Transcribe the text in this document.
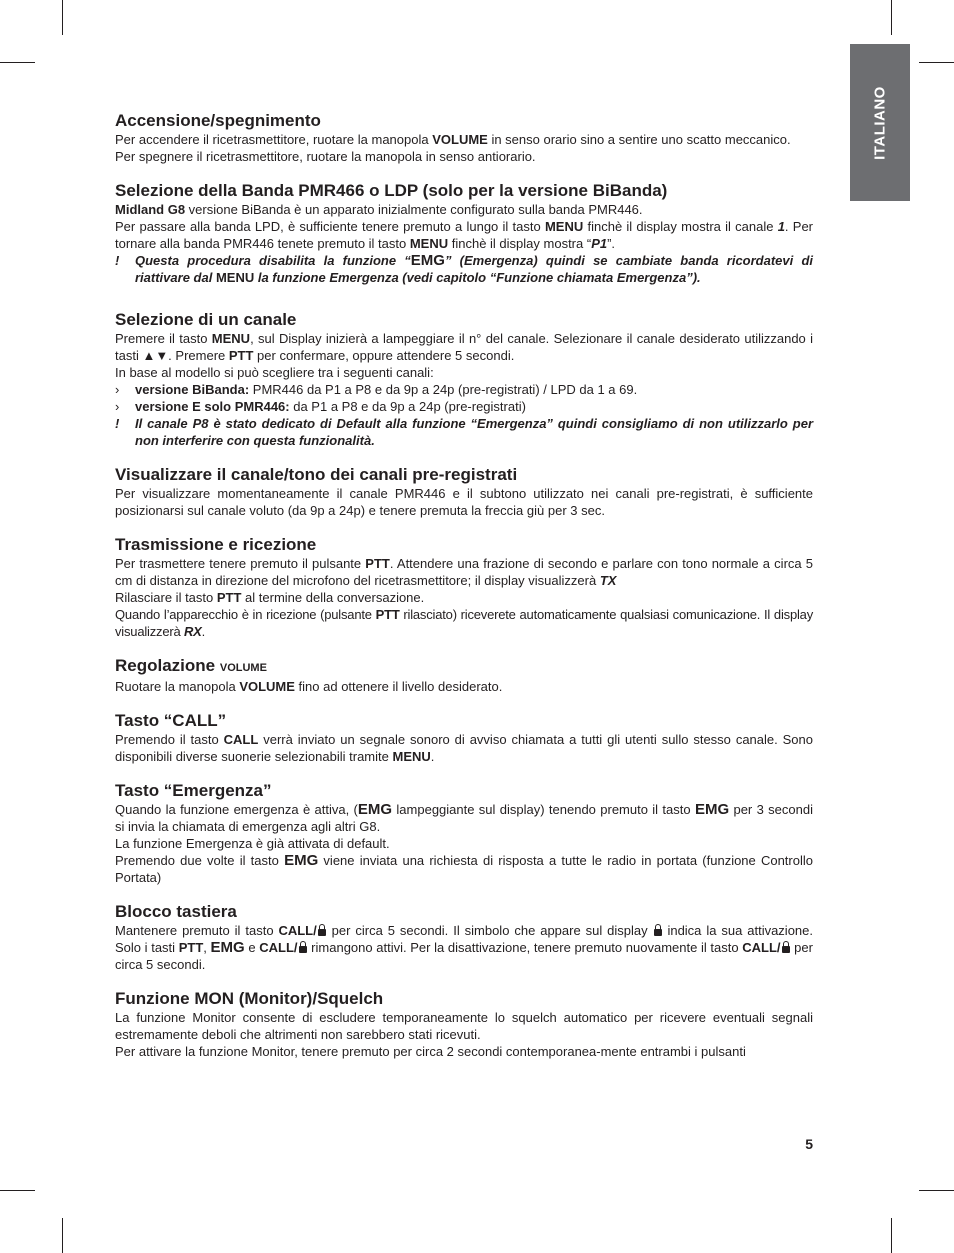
ITALIANO
Accensione/spegnimento

Per accendere il ricetrasmettitore, ruotare la manopola VOLUME in senso orario sino a sentire uno scatto meccanico.

Per spegnere il ricetrasmettitore, ruotare la manopola in senso antiorario.

Selezione della Banda PMR466 o LDP (solo per la versione BiBanda)

Midland G8 versione BiBanda è un apparato inizialmente configurato sulla banda PMR446.

Per passare alla banda LPD, è sufficiente tenere premuto a lungo il tasto MENU finchè il display mostra il canale 1. Per tornare alla banda PMR446 tenete premuto il tasto MENU finchè il display mostra “P1”.

!	Questa procedura disabilita la funzione “EMG” (Emergenza) quindi se cambiate banda ricordatevi di riattivare dal MENU la funzione Emergenza (vedi capitolo “Funzione chiamata Emergenza”).
Selezione di un canale

Premere il tasto MENU, sul Display inizierà a lampeggiare il n° del canale. Selezionare il canale desiderato utilizzando i tasti ▲▼. Premere PTT per confermare, oppure attendere 5 secondi.

In base al modello si può scegliere tra i seguenti canali:

›	versione BiBanda: PMR446 da P1 a P8 e da 9p a 24p (pre-registrati) / LPD da 1 a 69.
›	versione E solo PMR446: da P1 a P8 e da 9p a 24p (pre-registrati)
!	Il canale P8 è stato dedicato di Default alla funzione “Emergenza” quindi consigliamo di non utilizzarlo per non interferire con questa funzionalità.
Visualizzare il canale/tono dei canali pre-registrati

Per visualizzare momentaneamente il canale PMR446 e il subtono utilizzato nei canali pre-registrati, è sufficiente posizionarsi sul canale voluto (da 9p a 24p) e tenere premuta la freccia giù per 3 sec.

Trasmissione e ricezione

Per trasmettere tenere premuto il pulsante PTT. Attendere una frazione di secondo e parlare con tono normale a circa 5 cm di distanza in direzione del microfono del ricetrasmettitore; il display visualizzerà TX

Rilasciare il tasto PTT al termine della conversazione.

Quando l’apparecchio è in ricezione (pulsante PTT rilasciato) riceverete automaticamente qualsiasi comunicazione. Il display visualizzerà RX.

Regolazione VOLUME

Ruotare la manopola VOLUME fino ad ottenere il livello desiderato.

Tasto “CALL”

Premendo il tasto CALL verrà inviato un segnale sonoro di avviso chiamata a tutti gli utenti sullo stesso canale. Sono disponibili diverse suonerie selezionabili tramite MENU.

Tasto “Emergenza”

Quando la funzione emergenza è attiva, (EMG lampeggiante sul display) tenendo premuto il tasto EMG per 3 secondi si invia la chiamata di emergenza agli altri G8.

La funzione Emergenza è già attivata di default.

Premendo due volte il tasto EMG viene inviata una richiesta di risposta a tutte le radio in portata (funzione Controllo Portata)

Blocco tastiera

Mantenere premuto il tasto CALL/ per circa 5 secondi. Il simbolo che appare sul display  indica la sua attivazione. Solo i tasti PTT, EMG e CALL/ rimangono attivi. Per la disattivazione, tenere premuto nuovamente il tasto CALL/ per circa 5 secondi.

Funzione MON (Monitor)/Squelch

La funzione Monitor consente di escludere temporaneamente lo squelch automatico per ricevere eventuali segnali estremamente deboli che altrimenti non sarebbero stati ricevuti.

Per attivare la funzione Monitor, tenere premuto per circa 2 secondi contemporanea-mente entrambi i pulsanti

5
